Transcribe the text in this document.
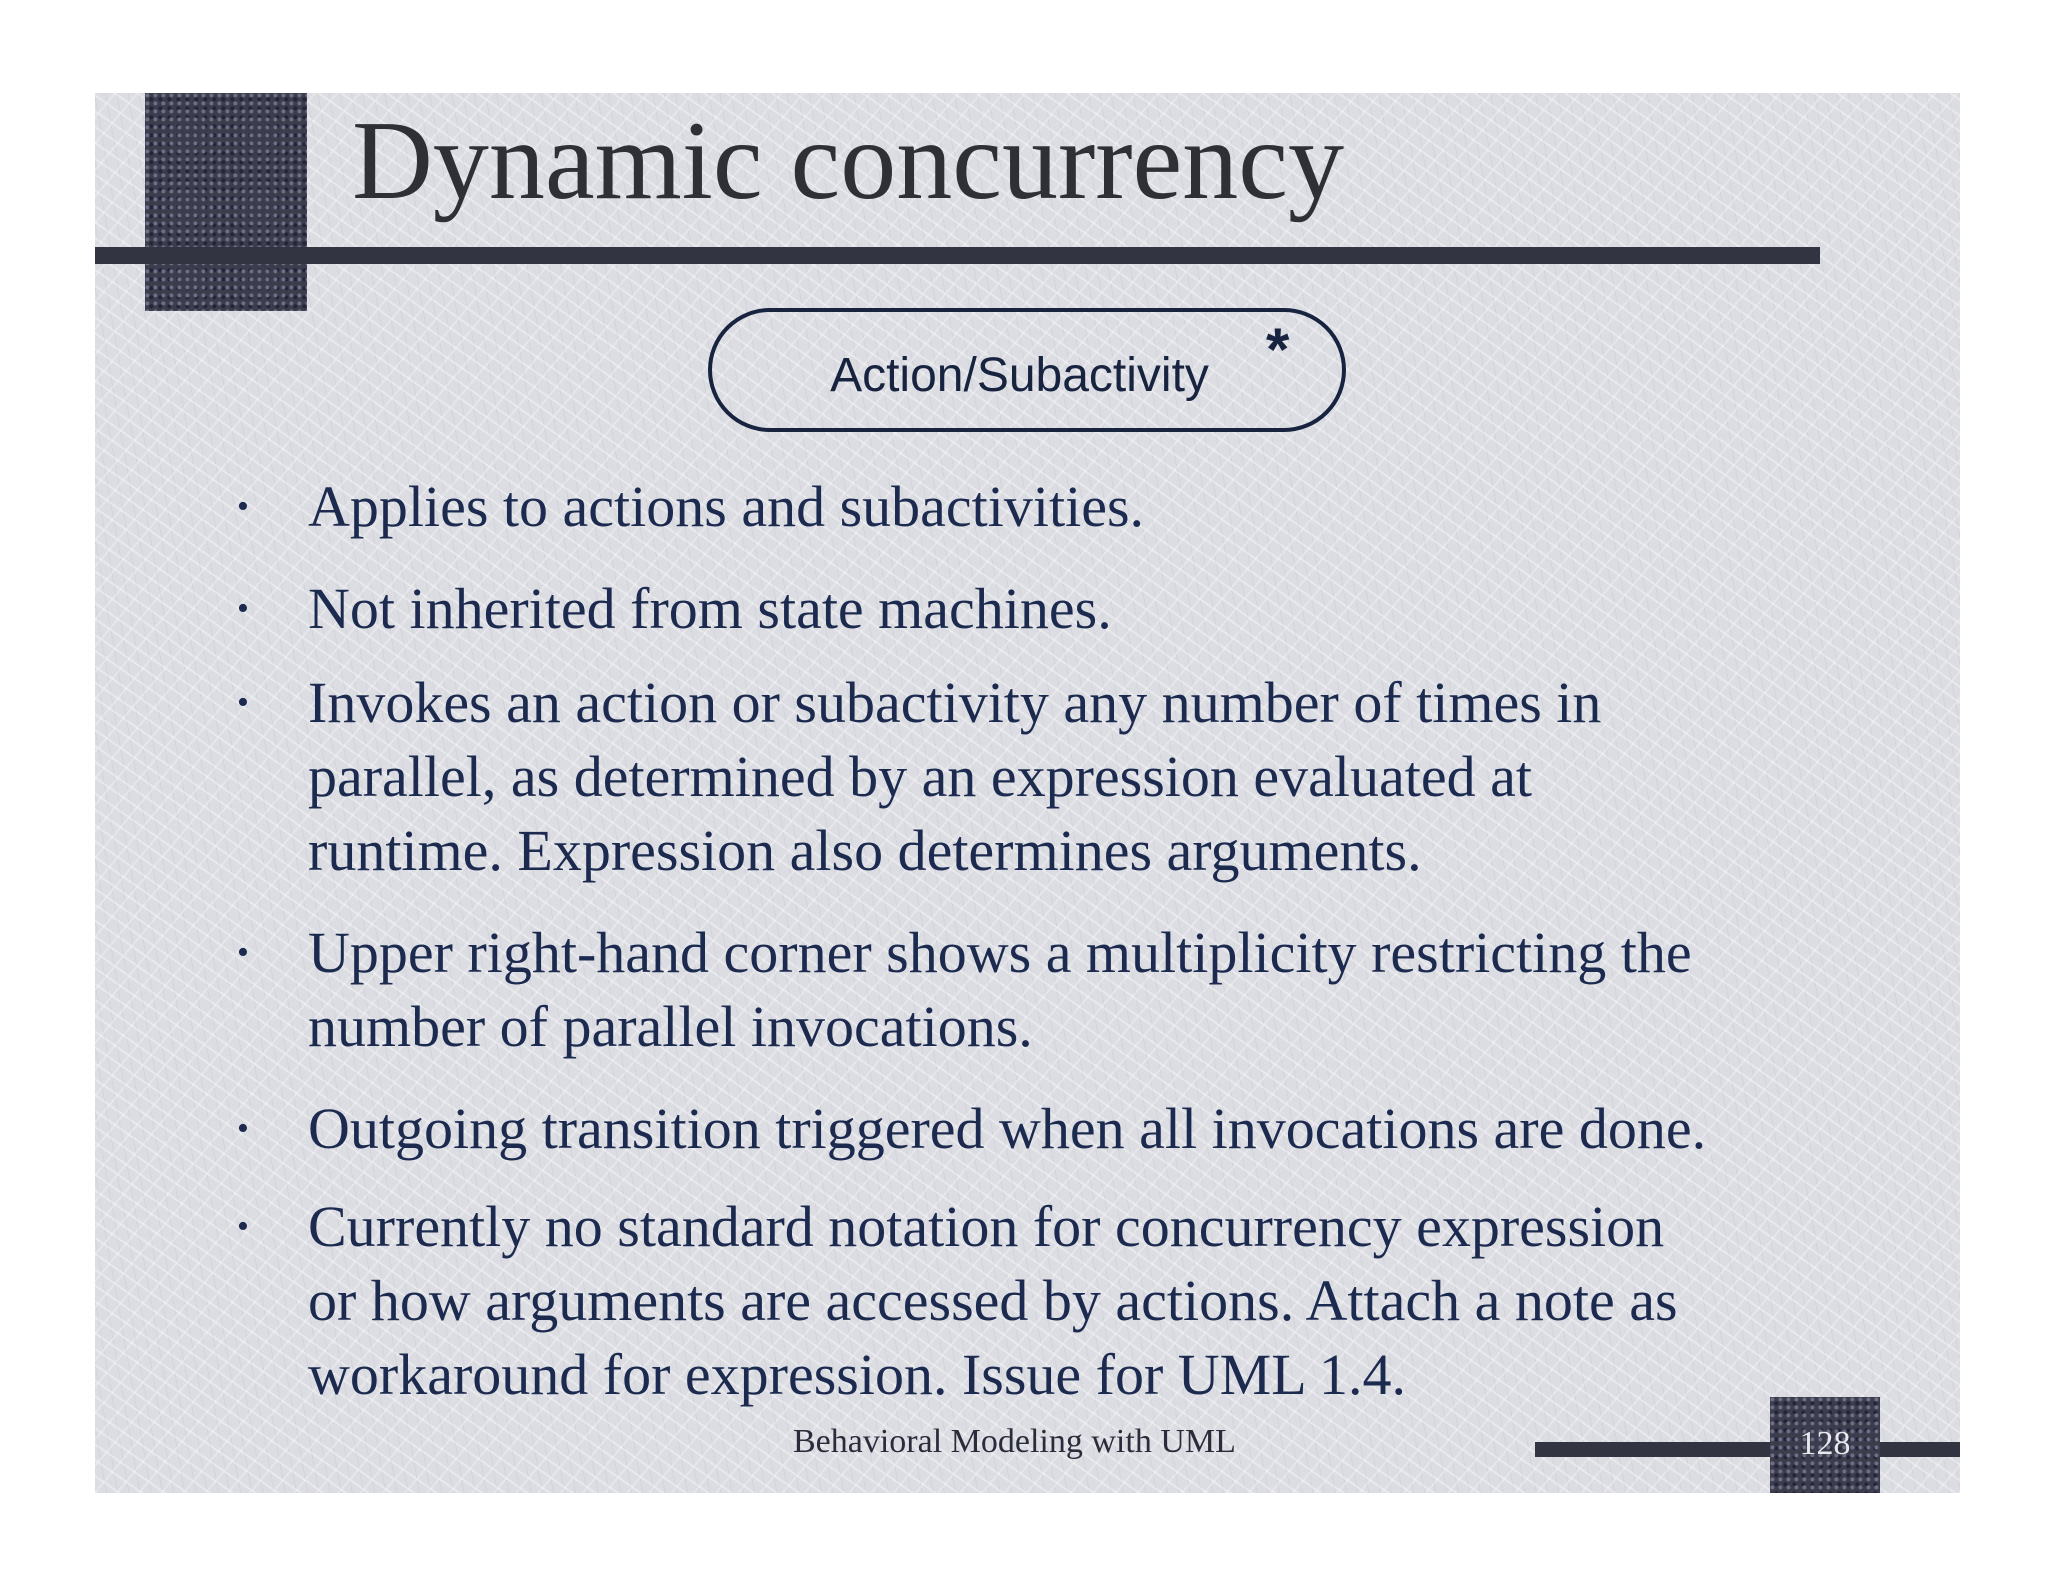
Dynamic concurrency
Action/Subactivity *
• Applies to actions and subactivities.
• Not inherited from state machines.
• Invokes an action or subactivity any number of times in
parallel, as determined by an expression evaluated at
runtime. Expression also determines arguments.
• Upper right-hand corner shows a multiplicity restricting the
number of parallel invocations.
• Outgoing transition triggered when all invocations are done.
• Currently no standard notation for concurrency expression
or how arguments are accessed by actions. Attach a note as
workaround for expression. Issue for UML 1.4.
Behavioral Modeling with UML	128
